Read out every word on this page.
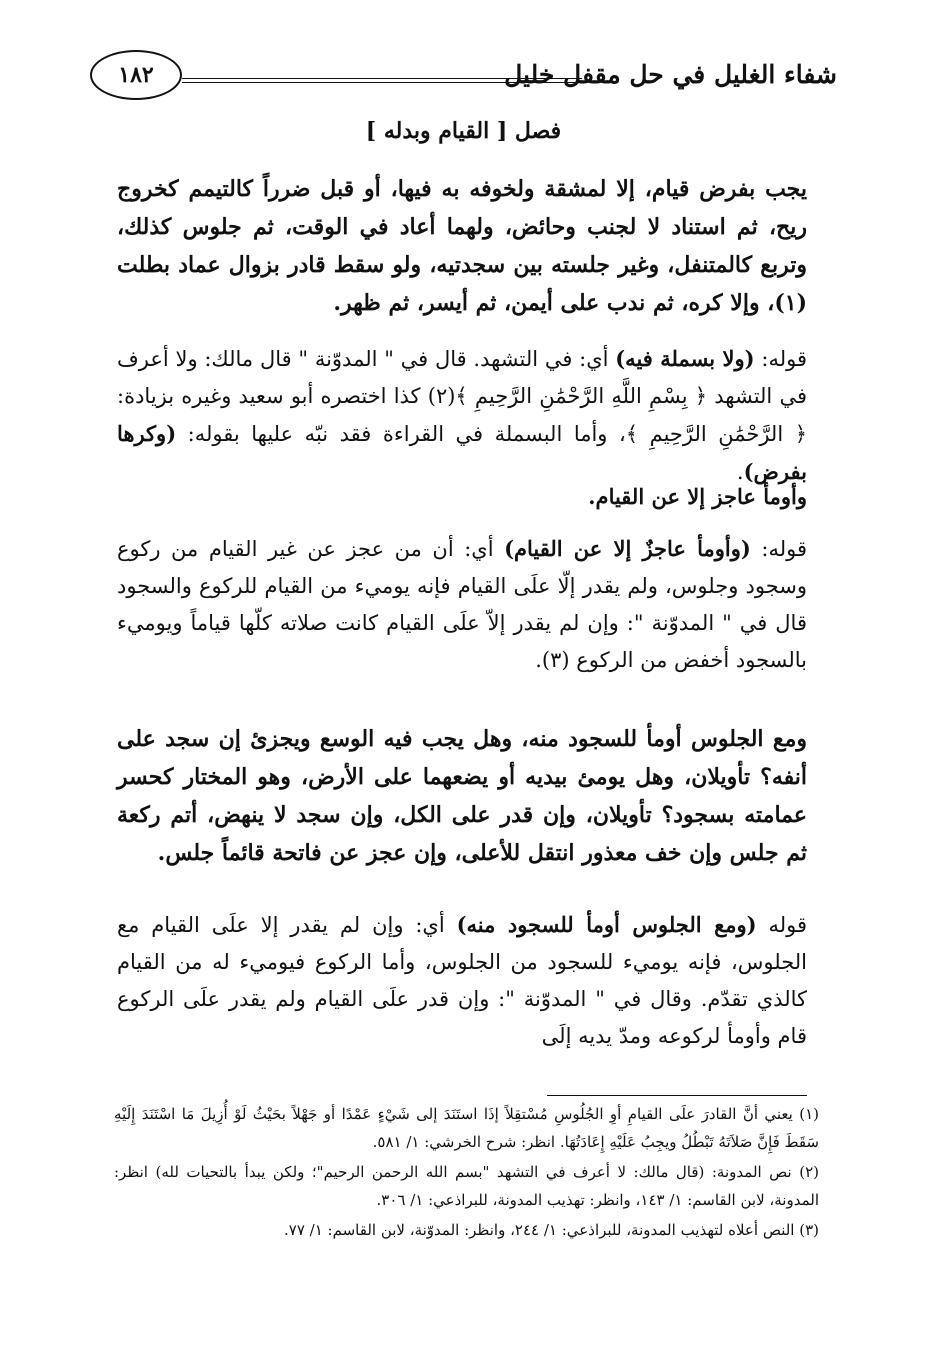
شفاء الغليل في حل مقفل خليل
١٨٢
فصل [ القيام وبدله ]

يجب بفرض قيام، إلا لمشقة ولخوفه به فيها، أو قبل ضرراً كالتيمم كخروج ريح، ثم استناد لا لجنب وحائض، ولهما أعاد في الوقت، ثم جلوس كذلك، وتربع كالمتنفل، وغير جلسته بين سجدتيه، ولو سقط قادر بزوال عماد بطلت (١)، وإلا كره، ثم ندب على أيمن، ثم أيسر، ثم ظهر.

قوله: (ولا بسملة فيه) أي: في التشهد. قال في " المدوّنة " قال مالك: ولا أعرف في التشهد ﴿ بِسْمِ اللَّهِ الرَّحْمَٰنِ الرَّحِيمِ ﴾(٢) كذا اختصره أبو سعيد وغيره بزيادة: ﴿ الرَّحْمَٰنِ الرَّحِيمِ ﴾، وأما البسملة في القراءة فقد نبّه عليها بقوله: (وكرها بفرض).

وأومأ عاجز إلا عن القيام.

قوله: (وأومأ عاجزٌ إلا عن القيام) أي: أن من عجز عن غير القيام من ركوع وسجود وجلوس، ولم يقدر إلّا علَى القيام فإنه يوميء من القيام للركوع والسجود قال في " المدوّنة ": وإن لم يقدر إلاّ علَى القيام كانت صلاته كلّها قياماً ويوميء بالسجود أخفض من الركوع (٣).

ومع الجلوس أومأ للسجود منه، وهل يجب فيه الوسع ويجزئ إن سجد على أنفه؟ تأويلان، وهل يومئ بيديه أو يضعهما على الأرض، وهو المختار كحسر عمامته بسجود؟ تأويلان، وإن قدر على الكل، وإن سجد لا ينهض، أتم ركعة ثم جلس وإن خف معذور انتقل للأعلى، وإن عجز عن فاتحة قائماً جلس.

قوله (ومع الجلوس أومأ للسجود منه) أي: وإن لم يقدر إلا علَى القيام مع الجلوس، فإنه يوميء للسجود من الجلوس، وأما الركوع فيوميء له من القيام كالذي تقدّم. وقال في " المدوّنة ": وإن قدر علَى القيام ولم يقدر علَى الركوع قام وأومأ لركوعه ومدّ يديه إلَى

(١) يعني أنَّ القادرَ علَى القيامِ أوِ الجُلُوسِ مُسْتقِلاً إذَا استَنَدَ إلى شَيْءٍ عَمْدًا أو جَهْلاً بحَيْثُ لَوْ أُزِيلَ مَا اسْتَنَدَ إِلَيْهِ سَقَطَ فَإِنَّ صَلاَتَهُ تَبْطُلُ ويجِبُ عَلَيْهِ إِعَادَتُهَا. انظر: شرح الخرشي: ١/ ٥٨١.

(٢) نص المدونة: (قال مالك: لا أعرف في التشهد "بسم الله الرحمن الرحيم"؛ ولكن يبدأ بالتحيات لله) انظر: المدونة، لابن القاسم: ١/ ١٤٣، وانظر: تهذيب المدونة، للبراذعي: ١/ ٣٠٦.

(٣) النص أعلاه لتهذيب المدونة، للبراذعي: ١/ ٢٤٤، وانظر: المدوّنة، لابن القاسم: ١/ ٧٧.
